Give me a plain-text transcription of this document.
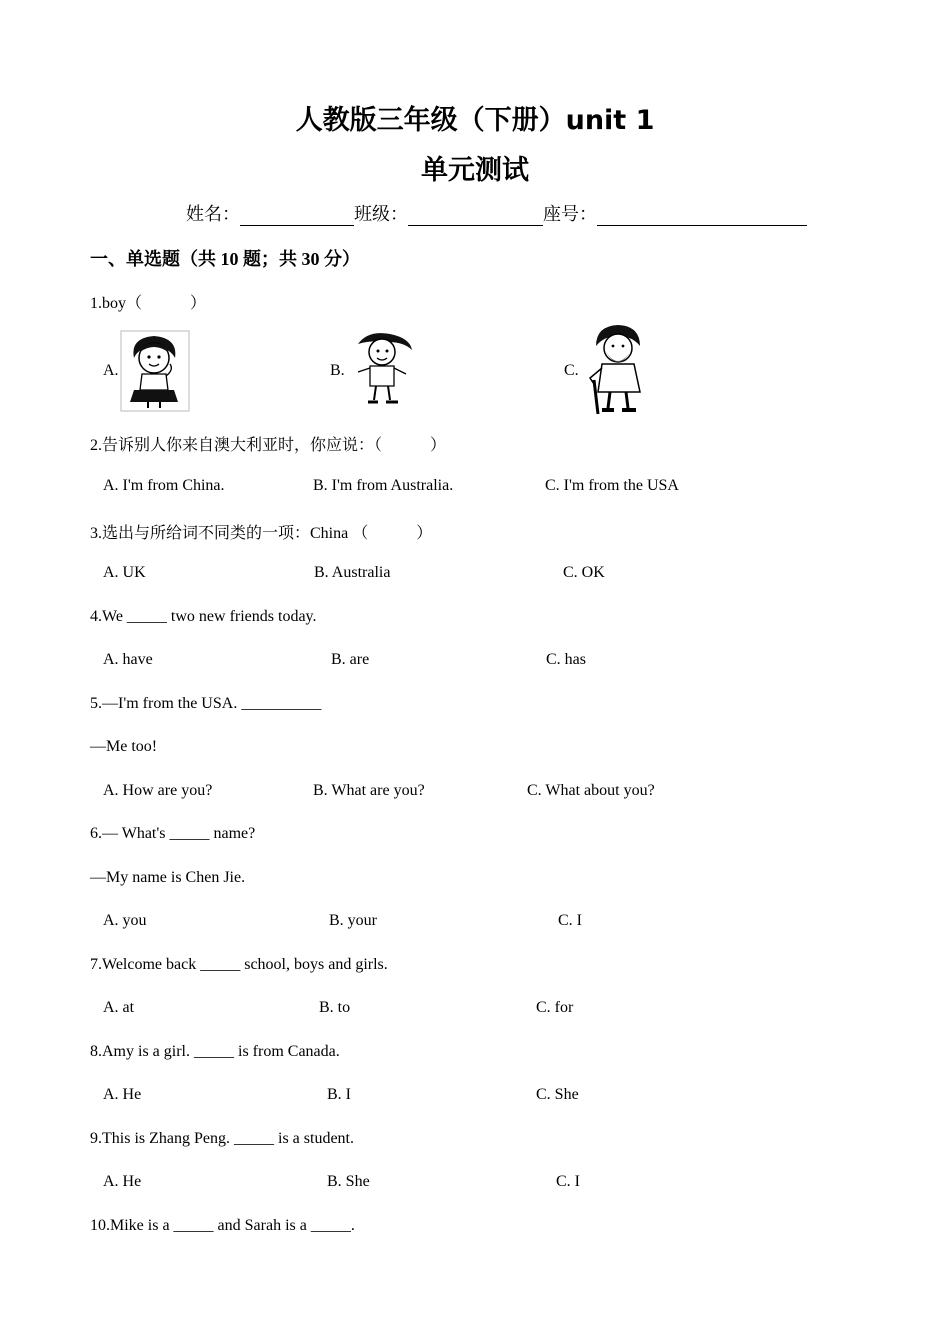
人教版三年级（下册）unit 1
单元测试
姓名：	班级：	座号：
一、单选题（共 10 题；共 30 分）
1.boy（　　　）
A.	B.	C.
2.告诉别人你来自澳大利亚时，你应说：（　　　）
A. I'm from China.	B. I'm from Australia.	C. I'm from the USA
3.选出与所给词不同类的一项：China （　　　）
A. UK	B. Australia	C. OK
4.We _____ two new friends today.
A. have	B. are	C. has
5.—I'm from the USA. __________
—Me too!
A. How are you?	B. What are you?	C. What about you?
6.— What's _____ name?
—My name is Chen Jie.
A. you	B. your	C. I
7.Welcome back _____ school, boys and girls.
A. at	B. to	C. for
8.Amy is a girl. _____ is from Canada.
A. He	B. I	C. She
9.This is Zhang Peng. _____ is a student.
A. He	B. She	C. I
10.Mike is a _____ and Sarah is a _____.
